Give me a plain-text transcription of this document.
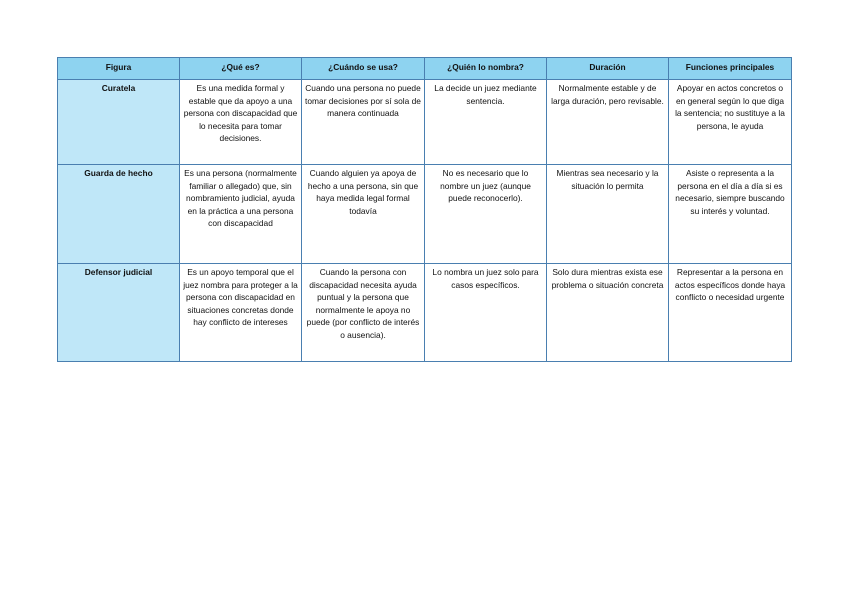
Figura	¿Qué es?	¿Cuándo se usa?	¿Quién lo nombra?	Duración	Funciones principales
Curatela	Es una medida formal y estable que da apoyo a una persona con discapacidad que lo necesita para tomar decisiones.	Cuando una persona no puede tomar decisiones por sí sola de manera continuada	La decide un juez mediante sentencia.	Normalmente estable y de larga duración, pero revisable.	Apoyar en actos concretos o en general según lo que diga la sentencia; no sustituye a la persona, le ayuda
Guarda de hecho	Es una persona (normalmente familiar o allegado) que, sin nombramiento judicial, ayuda en la práctica a una persona con discapacidad	Cuando alguien ya apoya de hecho a una persona, sin que haya medida legal formal todavía	No es necesario que lo nombre un juez (aunque puede reconocerlo).	Mientras sea necesario y la situación lo permita	Asiste o representa a la persona en el día a día si es necesario, siempre buscando su interés y voluntad.
Defensor judicial	Es un apoyo temporal que el juez nombra para proteger a la persona con discapacidad en situaciones concretas donde hay conflicto de intereses	Cuando la persona con discapacidad necesita ayuda puntual y la persona que normalmente le apoya no puede (por conflicto de interés o ausencia).	Lo nombra un juez solo para casos específicos.	Solo dura mientras exista ese problema o situación concreta	Representar a la persona en actos específicos donde haya conflicto o necesidad urgente
